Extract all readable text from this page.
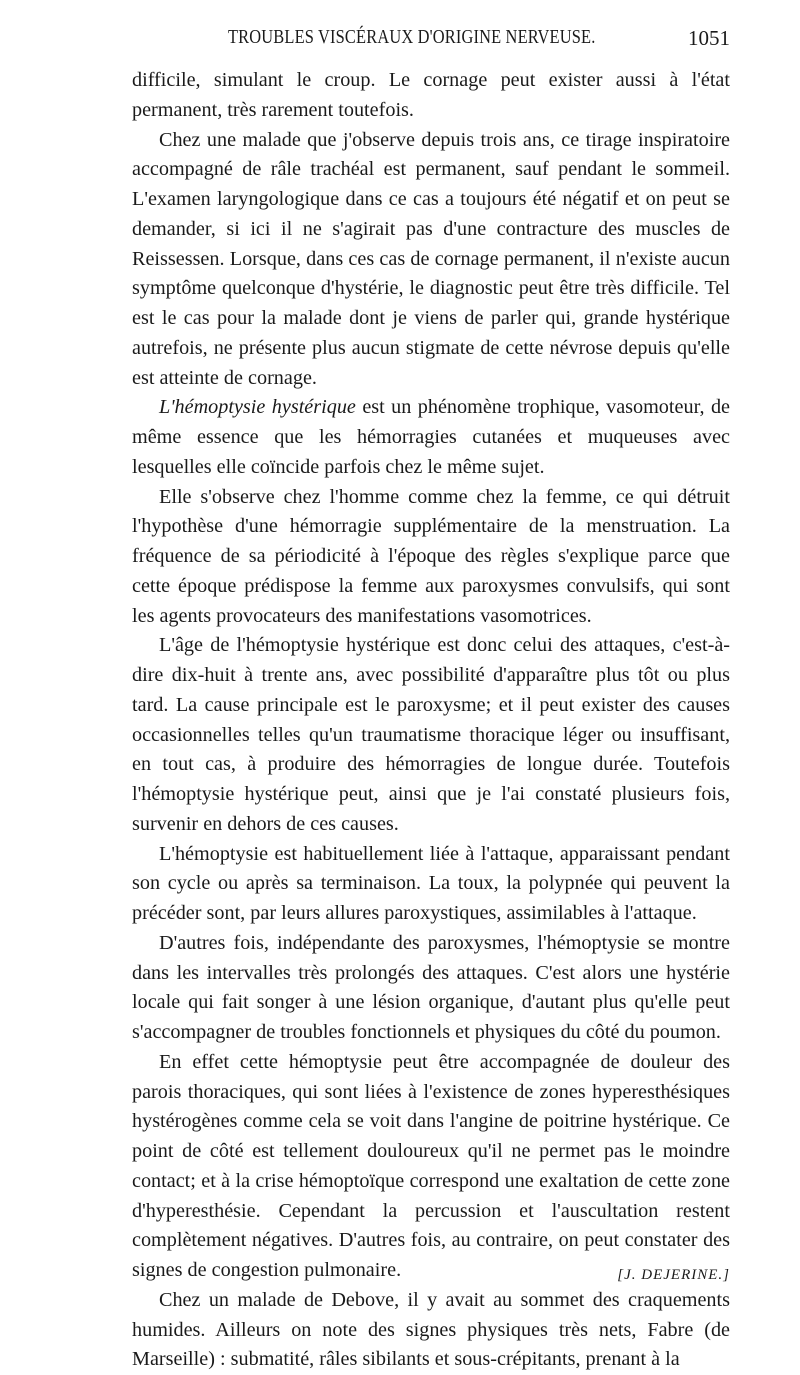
TROUBLES VISCÉRAUX D'ORIGINE NERVEUSE.	1051

difficile, simulant le croup. Le cornage peut exister aussi à l'état permanent, très rarement toutefois.

Chez une malade que j'observe depuis trois ans, ce tirage inspiratoire accompagné de râle trachéal est permanent, sauf pendant le sommeil. L'examen laryngologique dans ce cas a toujours été négatif et on peut se demander, si ici il ne s'agirait pas d'une contracture des muscles de Reissessen. Lorsque, dans ces cas de cornage permanent, il n'existe aucun symptôme quelconque d'hystérie, le diagnostic peut être très difficile. Tel est le cas pour la malade dont je viens de parler qui, grande hystérique autrefois, ne présente plus aucun stigmate de cette névrose depuis qu'elle est atteinte de cornage.

L'hémoptysie hystérique est un phénomène trophique, vasomoteur, de même essence que les hémorragies cutanées et muqueuses avec lesquelles elle coïncide parfois chez le même sujet.

Elle s'observe chez l'homme comme chez la femme, ce qui détruit l'hypothèse d'une hémorragie supplémentaire de la menstruation. La fréquence de sa périodicité à l'époque des règles s'explique parce que cette époque prédispose la femme aux paroxysmes convulsifs, qui sont les agents provocateurs des manifestations vasomotrices.

L'âge de l'hémoptysie hystérique est donc celui des attaques, c'est-à-dire dix-huit à trente ans, avec possibilité d'apparaître plus tôt ou plus tard. La cause principale est le paroxysme; et il peut exister des causes occasionnelles telles qu'un traumatisme thoracique léger ou insuffisant, en tout cas, à produire des hémorragies de longue durée. Toutefois l'hémoptysie hystérique peut, ainsi que je l'ai constaté plusieurs fois, survenir en dehors de ces causes.

L'hémoptysie est habituellement liée à l'attaque, apparaissant pendant son cycle ou après sa terminaison. La toux, la polypnée qui peuvent la précéder sont, par leurs allures paroxystiques, assimilables à l'attaque.

D'autres fois, indépendante des paroxysmes, l'hémoptysie se montre dans les intervalles très prolongés des attaques. C'est alors une hystérie locale qui fait songer à une lésion organique, d'autant plus qu'elle peut s'accompagner de troubles fonctionnels et physiques du côté du poumon.

En effet cette hémoptysie peut être accompagnée de douleur des parois thoraciques, qui sont liées à l'existence de zones hyperesthésiques hystérogènes comme cela se voit dans l'angine de poitrine hystérique. Ce point de côté est tellement douloureux qu'il ne permet pas le moindre contact; et à la crise hémoptoïque correspond une exaltation de cette zone d'hyperesthésie. Cependant la percussion et l'auscultation restent complètement négatives. D'autres fois, au contraire, on peut constater des signes de congestion pulmonaire.

Chez un malade de Debove, il y avait au sommet des craquements humides. Ailleurs on note des signes physiques très nets, Fabre (de Marseille) : submatité, râles sibilants et sous-crépitants, prenant à la

[J. DEJERINE.]
